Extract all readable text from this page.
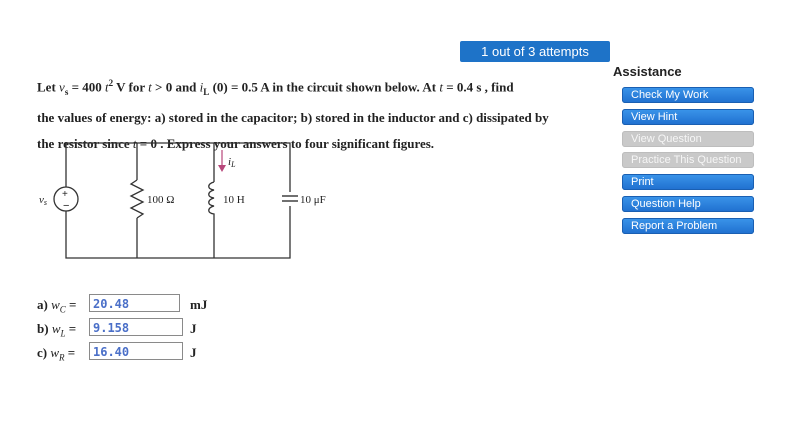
1 out of 3 attempts
Let $v_s = 400$ $t^2$ V for t > 0 and $i_L$ (0) = 0.5 A in the circuit shown below. At t = 0.4 s , find
the values of energy: a) stored in the capacitor; b) stored in the inductor and c) dissipated by
the resistor since t = 0 . Express your answers to four significant figures.
Assistance
Check My Work
View Hint
View Question
Practice This Question
Print
Question Help
Report a Problem
+
−
vs	100 Ω	10 H
iL
10 μF
a) $w_C$ =	20.48	mJ
b) $w_L$ =	9.158	J
c) $w_R$ =	16.40	J
